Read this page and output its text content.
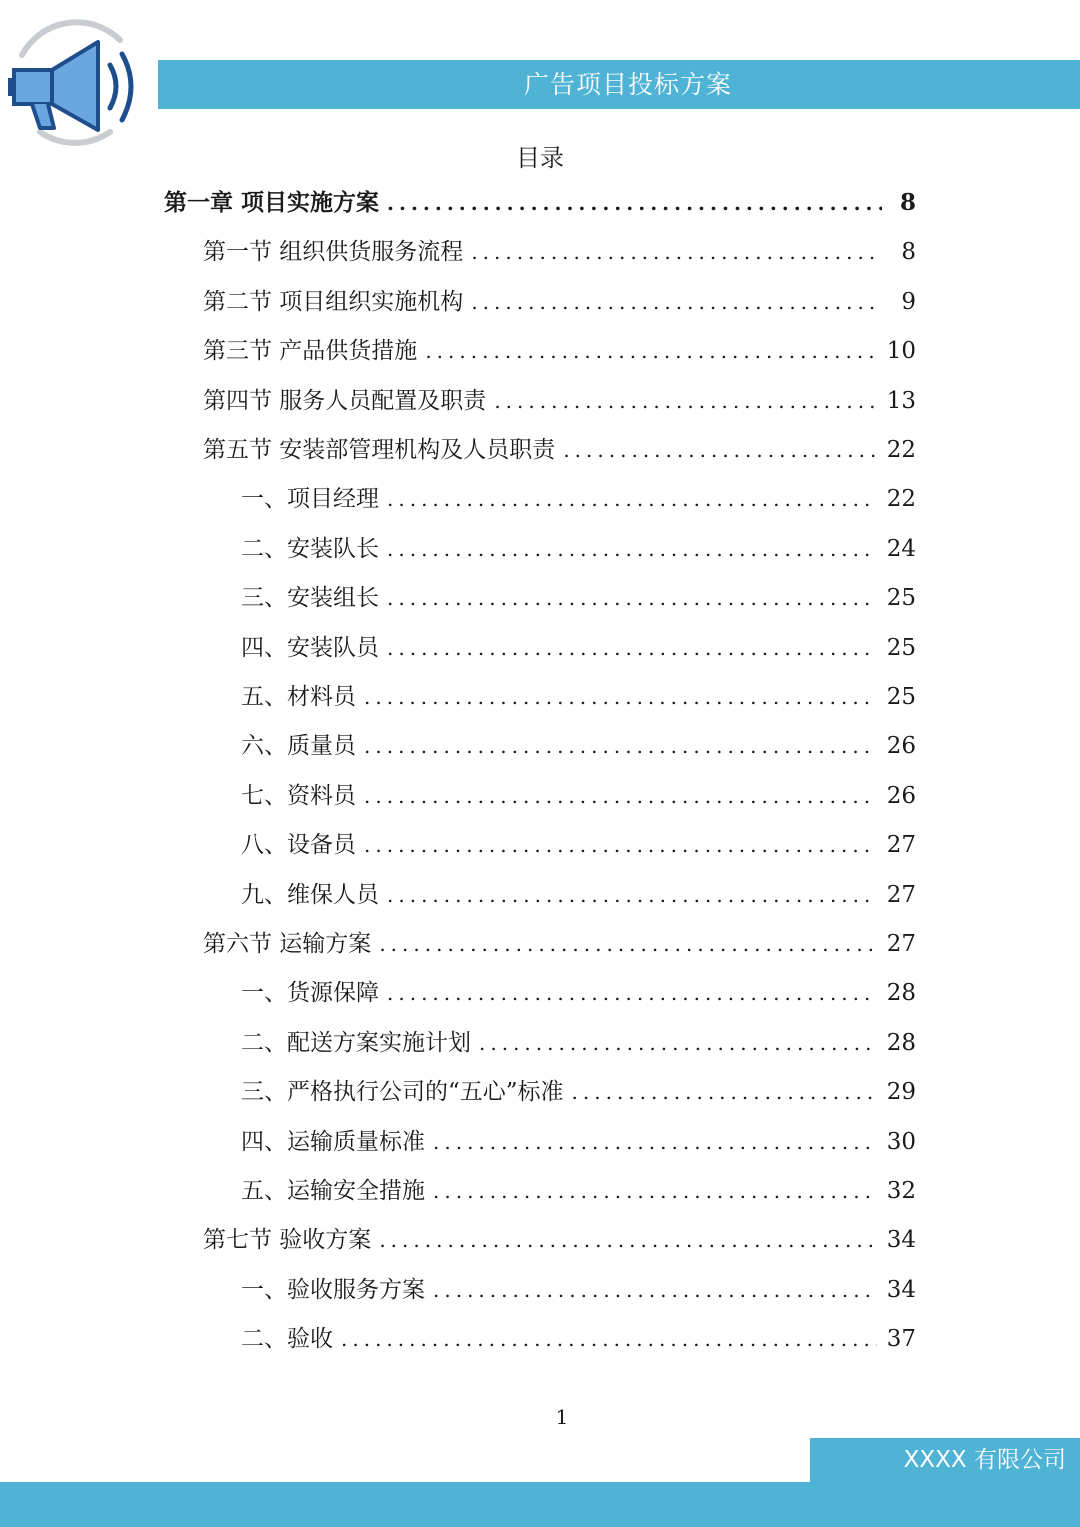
广告项目投标方案
目录
第一章 项目实施方案 .....	8
第一节 组织供货服务流程 .....	8
第二节 项目组织实施机构 .....	9
第三节 产品供货措施 .....	10
第四节 服务人员配置及职责 .....	13
第五节 安装部管理机构及人员职责 .....	22
一、项目经理 .....	22
二、安装队长 .....	24
三、安装组长 .....	25
四、安装队员 .....	25
五、材料员 .....	25
六、质量员 .....	26
七、资料员 .....	26
八、设备员 .....	27
九、维保人员 .....	27
第六节 运输方案 .....	27
一、货源保障 .....	28
二、配送方案实施计划 .....	28
三、严格执行公司的“五心”标准 .....	29
四、运输质量标准 .....	30
五、运输安全措施 .....	32
第七节 验收方案 .....	34
一、验收服务方案 .....	34
二、验收 .....	37
1
XXXX 有限公司
